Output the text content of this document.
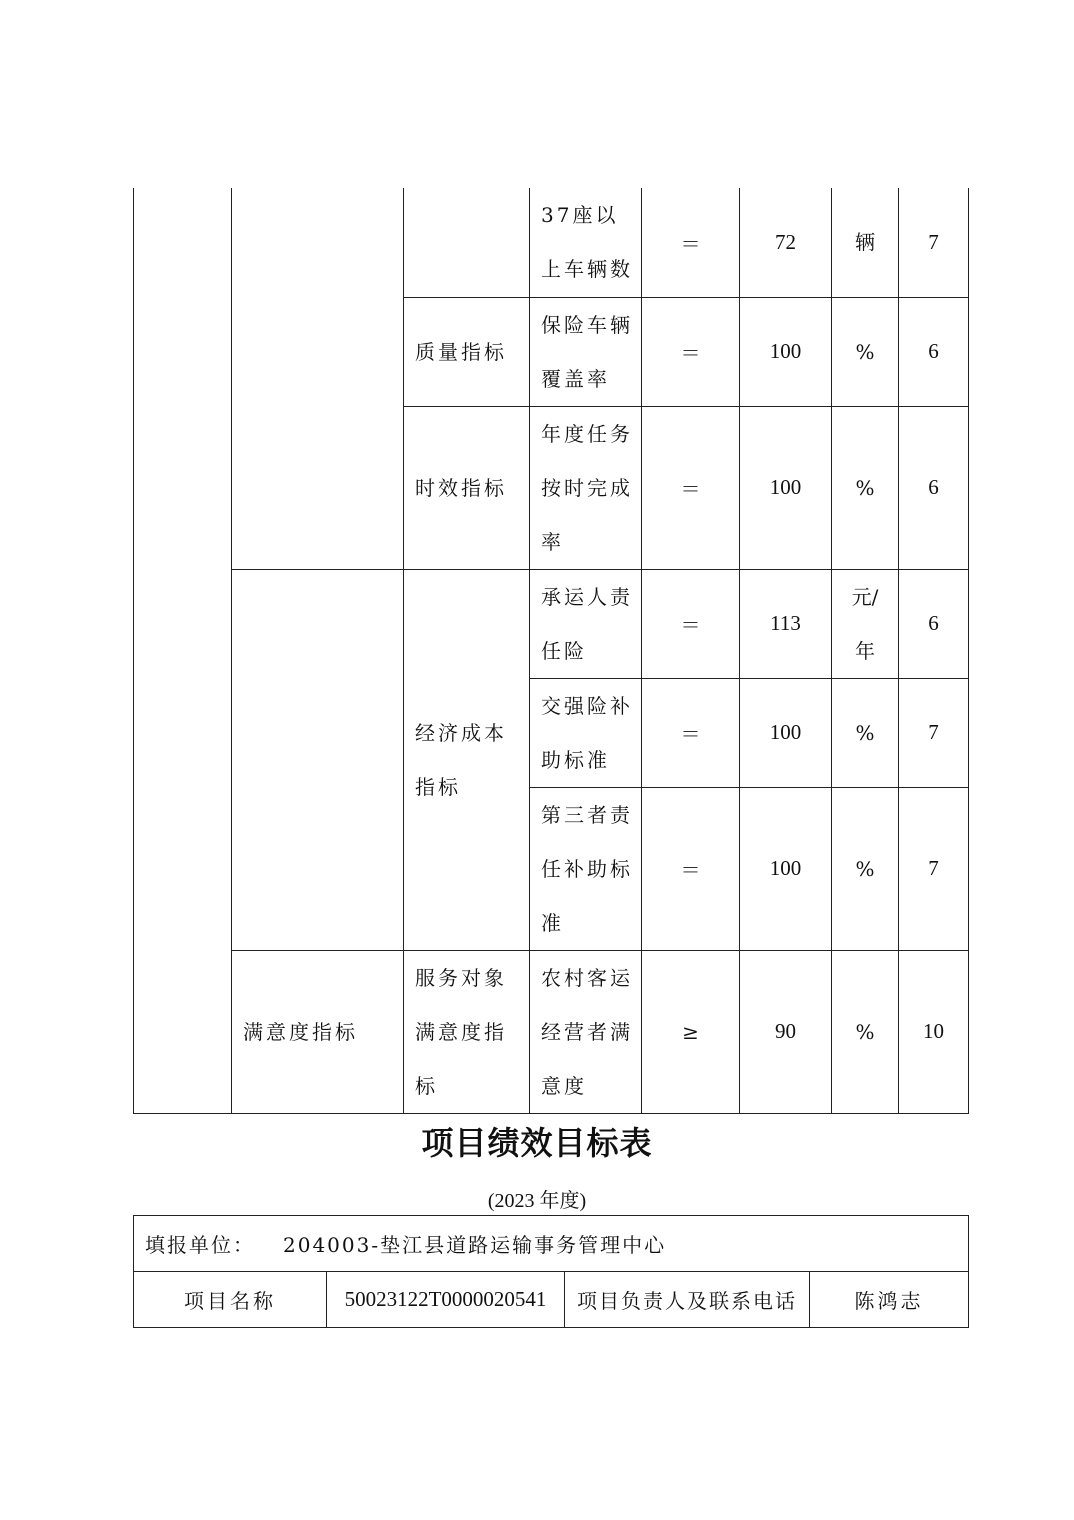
			37座以上车辆数	＝	72	辆	7
		质量指标	保险车辆覆盖率	＝	100	%	6
		时效指标	年度任务按时完成率	＝	100	%	6
		经济成本指标	承运人责任险	＝	113	元/年	6
			交强险补助标准	＝	100	%	7
			第三者责任补助标准	＝	100	%	7
	满意度指标	服务对象满意度指标	农村客运经营者满意度	≥	90	%	10
项目绩效目标表
(2023 年度)
填报单位： 204003-垫江县道路运输事务管理中心
项目名称	50023122T0000020541	项目负责人及联系电话	陈鸿志
